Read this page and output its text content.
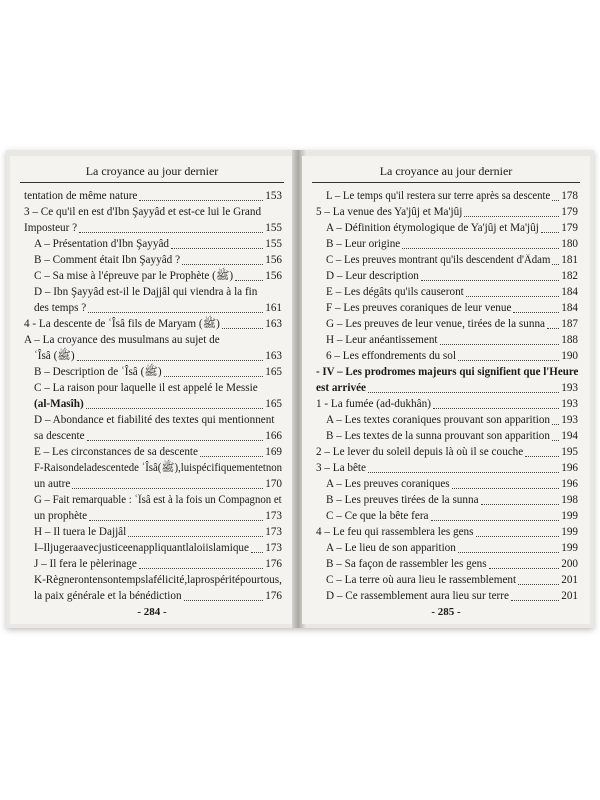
La croyance au jour dernier
tentation de même nature	153
3 – Ce qu'il en est d'Ibn Şayyâd et est-ce lui le Grand
Imposteur ?	155
A – Présentation d'Ibn Şayyâd	155
B – Comment était Ibn Şayyâd ?	156
C – Sa mise à l'épreuve par le Prophète (ﷺ)	156
D – Ibn Şayyâd est-il le Dajjâl qui viendra à la fin
des temps ?	161
4 - La descente de ʿÎsâ fils de Maryam (ﷺ)	163
A – La croyance des musulmans au sujet de
ʿÎsâ (ﷺ)	163
B – Description de ʿÎsâ (ﷺ)	165
C – La raison pour laquelle il est appelé le Messie
(al-Masîh)	165
D – Abondance et fiabilité des textes qui mentionnent
sa descente	166
E – Les circonstances de sa descente	169
F-Raisondeladescentede ʿÎsâ(ﷺ),luispécifiquementetnon
un autre	170
G – Fait remarquable : ʿÎsâ est à la fois un Compagnon et
un prophète	173
H – Il tuera le Dajjâl	173
I–Iljugeraavecjusticeenappliquantlaloiislamique 173
J – Il fera le pèlerinage	176
K-Règnerontensontempslafélicité,laprospéritépourtous,
la paix générale et la bénédiction	176
- 284 -
La croyance au jour dernier
L – Le temps qu'il restera sur terre après sa descente 178
5 – La venue des Ya'jûj et Ma'jûj	179
A – Définition étymologique de Ya'jûj et Ma'jûj 179
B – Leur origine	180
C – Les preuves montrant qu'ils descendent d'Âdam 181
D – Leur description	182
E – Les dégâts qu'ils causeront	184
F – Les preuves coraniques de leur venue	184
G – Les preuves de leur venue, tirées de la sunna 187
H – Leur anéantissement	188
6 – Les effondrements du sol	190
- IV – Les prodromes majeurs qui signifient que l'Heure
est arrivée	193
1 - La fumée (ad-dukhân)	193
A – Les textes coraniques prouvant son apparition 193
B – Les textes de la sunna prouvant son apparition 194
2 – Le lever du soleil depuis là où il se couche	195
3 – La bête	196
A – Les preuves coraniques	196
B – Les preuves tirées de la sunna	198
C – Ce que la bête fera	199
4 – Le feu qui rassemblera les gens	199
A – Le lieu de son apparition	199
B – Sa façon de rassembler les gens	200
C – La terre où aura lieu le rassemblement	201
D – Ce rassemblement aura lieu sur terre	201
- 285 -
